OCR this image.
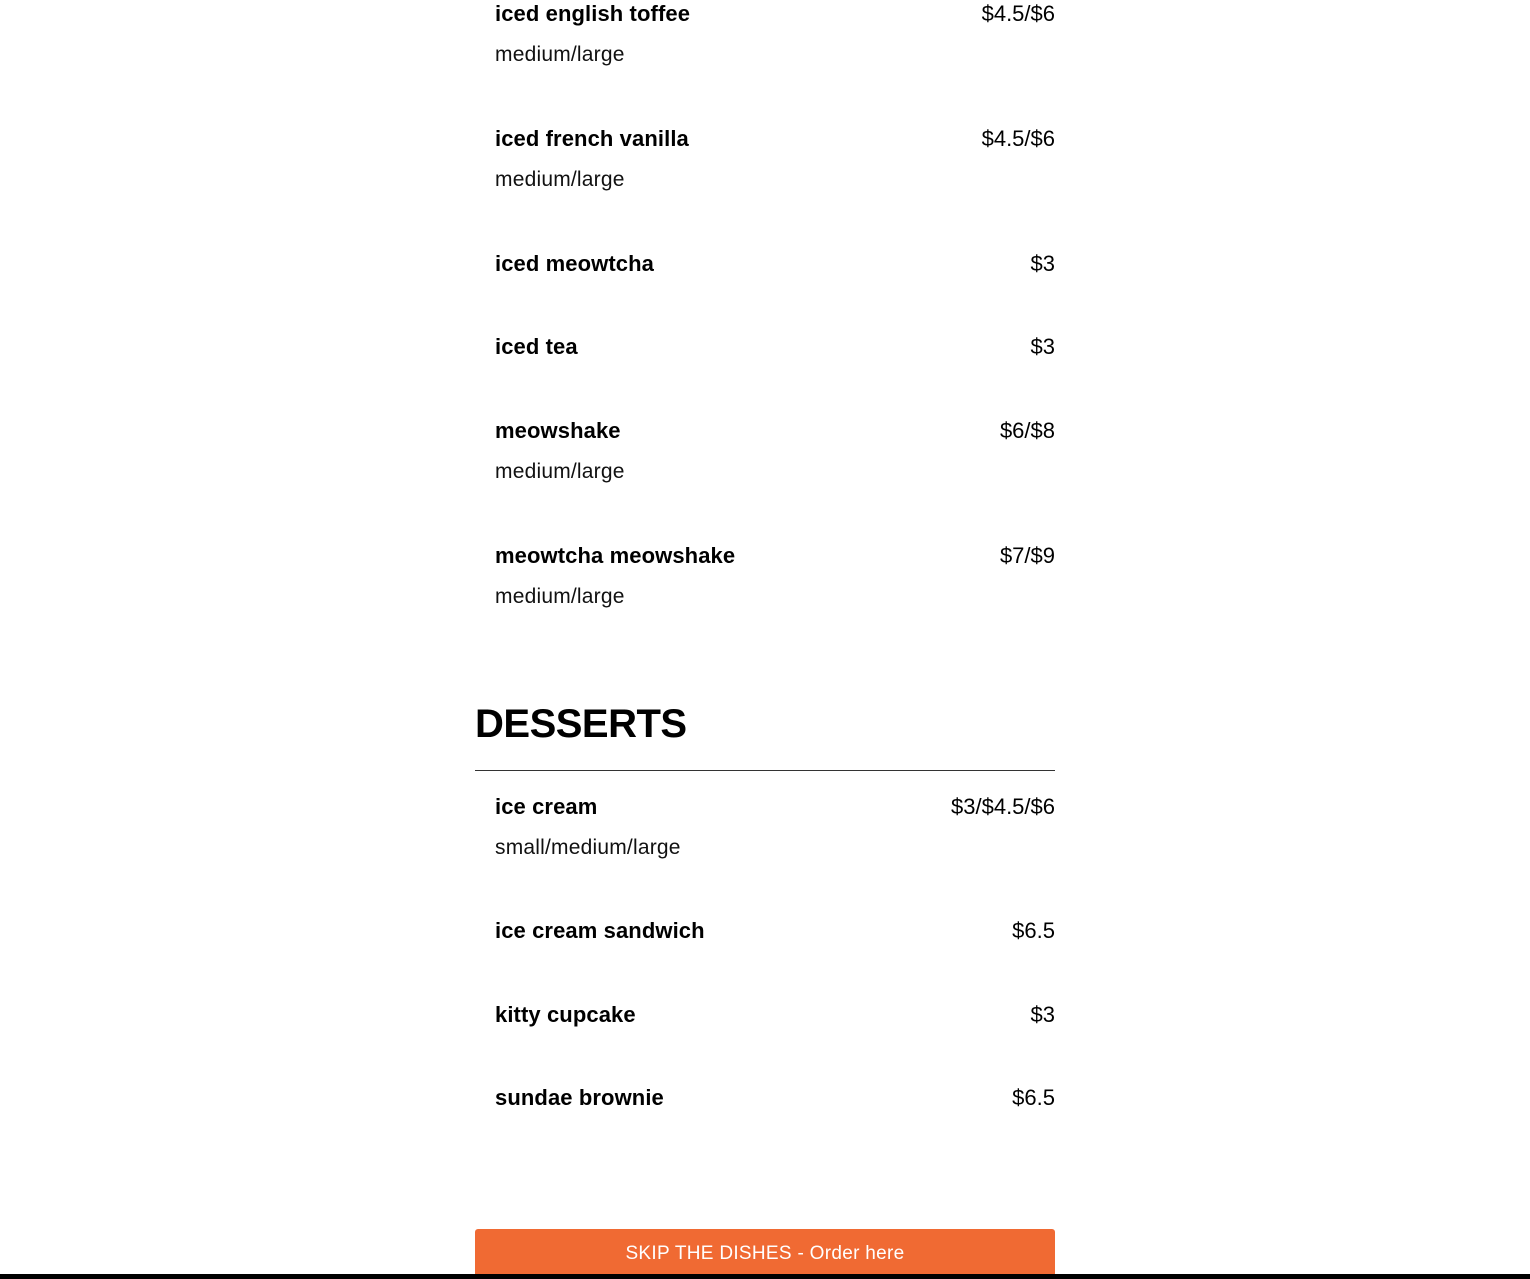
iced english toffee	$4.5/$6
medium/large
iced french vanilla	$4.5/$6
medium/large
iced meowtcha	$3
iced tea	$3
meowshake	$6/$8
medium/large
meowtcha meowshake	$7/$9
medium/large
DESSERTS
ice cream	$3/$4.5/$6
small/medium/large
ice cream sandwich	$6.5
kitty cupcake	$3
sundae brownie	$6.5
SKIP THE DISHES - Order here
